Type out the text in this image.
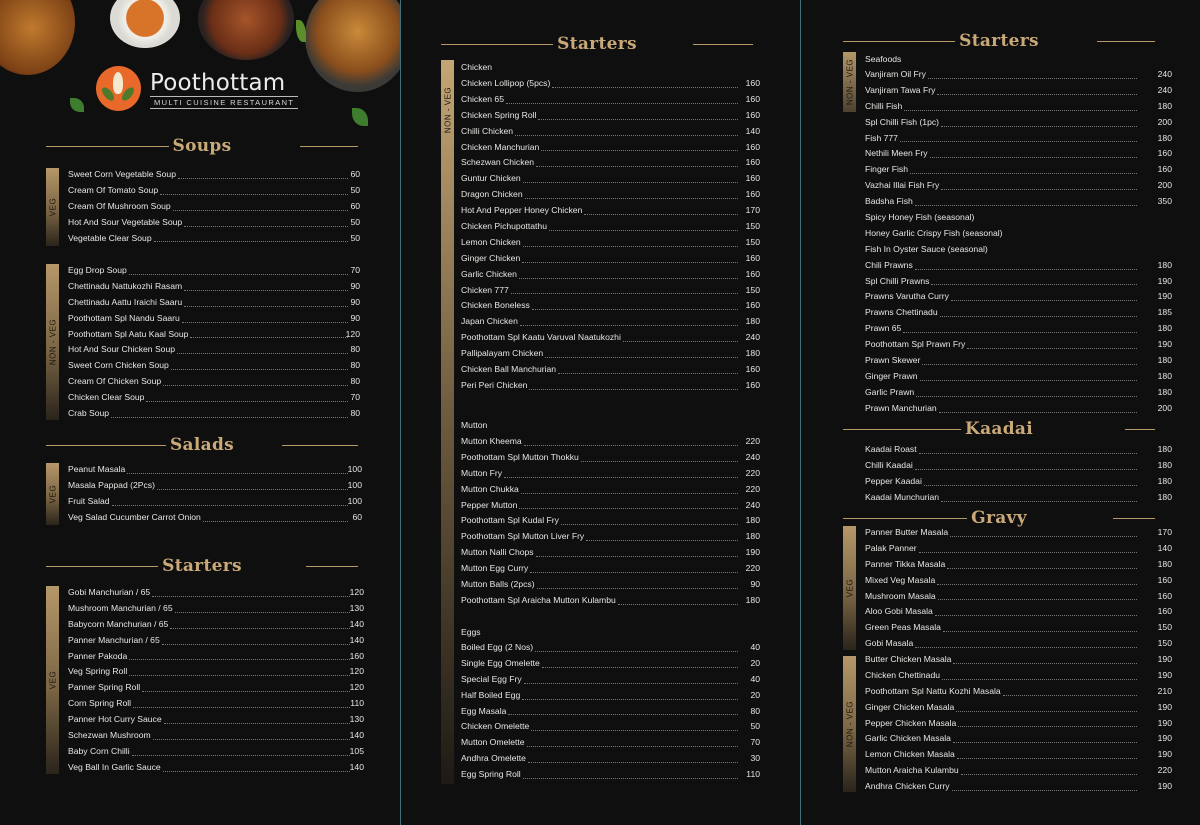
Poothottam
MULTI CUISINE RESTAURANT
Soups
VEG
Sweet Corn Vegetable Soup	60
Cream Of Tomato Soup	50
Cream Of Mushroom Soup	60
Hot And Sour Vegetable Soup	50
Vegetable Clear Soup	50
NON - VEG
Egg Drop Soup	70
Chettinadu Nattukozhi Rasam	90
Chettinadu Aattu Iraichi Saaru	90
Poothottam Spl Nandu Saaru	90
Poothottam Spl Aatu Kaal Soup	120
Hot And Sour Chicken Soup	80
Sweet Corn Chicken Soup	80
Cream Of Chicken Soup	80
Chicken Clear Soup	70
Crab Soup	80
Salads
VEG
Peanut Masala	100
Masala Pappad (2Pcs)	100
Fruit Salad	100
Veg Salad Cucumber Carrot Onion	60
Starters
VEG
Gobi Manchurian / 65	120
Mushroom Manchurian / 65	130
Babycorn Manchurian / 65	140
Panner Manchurian / 65	140
Panner Pakoda	160
Veg Spring Roll	120
Panner Spring Roll	120
Corn Spring Roll	110
Panner Hot Curry Sauce	130
Schezwan Mushroom	140
Baby Corn Chilli	105
Veg Ball In Garlic Sauce	140
Starters
NON - VEG
Chicken
Chicken Lollipop (5pcs)	160
Chicken 65	160
Chicken Spring Roll	160
Chilli Chicken	140
Chicken Manchurian	160
Schezwan Chicken	160
Guntur Chicken	160
Dragon Chicken	160
Hot And Pepper Honey Chicken	170
Chicken Pichupottathu	150
Lemon Chicken	150
Ginger Chicken	160
Garlic Chicken	160
Chicken 777	150
Chicken Boneless	160
Japan Chicken	180
Poothottam Spl Kaatu Varuval Naatukozhi	240
Pallipalayam Chicken	180
Chicken Ball Manchurian	160
Peri Peri Chicken	160
Mutton
Mutton Kheema	220
Poothottam Spl Mutton Thokku	240
Mutton Fry	220
Mutton Chukka	220
Pepper Mutton	240
Poothottam Spl Kudal Fry	180
Poothottam Spl Mutton Liver Fry	180
Mutton Nalli Chops	190
Mutton Egg Curry	220
Mutton Balls (2pcs)	90
Poothottam Spl Araicha Mutton Kulambu	180
Eggs
Boiled Egg (2 Nos)	40
Single Egg Omelette	20
Special Egg Fry	40
Half Boiled Egg	20
Egg Masala	80
Chicken Omelette	50
Mutton Omelette	70
Andhra Omelette	30
Egg Spring Roll	110
Starters
NON - VEG Seafoods
Vanjiram Oil Fry	240
Vanjiram Tawa Fry	240
Chilli Fish	180
Spl Chilli Fish (1pc)	200
Fish 777	180
Nethili Meen Fry	160
Finger Fish	160
Vazhai Illai Fish Fry	200
Badsha Fish	350
Spicy Honey Fish (seasonal)
Honey Garlic Crispy Fish (seasonal)
Fish In Oyster Sauce (seasonal)
Chili Prawns	180
Spl Chilli Prawns	190
Prawns Varutha Curry	190
Prawns Chettinadu	185
Prawn 65	180
Poothottam Spl Prawn Fry	190
Prawn Skewer	180
Ginger Prawn	180
Garlic Prawn	180
Prawn Manchurian	200
Kaadai
Kaadai Roast	180
Chilli Kaadai	180
Pepper Kaadai	180
Kaadai Munchurian	180
Gravy
VEG
Panner Butter Masala	170
Palak Panner	140
Panner Tikka Masala	180
Mixed Veg Masala	160
Mushroom Masala	160
Aloo Gobi Masala	160
Green Peas Masala	150
Gobi Masala	150
NON - VEG
Butter Chicken Masala	190
Chicken Chettinadu	190
Poothottam Spl Nattu Kozhi Masala	210
Ginger Chicken Masala	190
Pepper Chicken Masala	190
Garlic Chicken Masala	190
Lemon Chicken Masala	190
Mutton Araicha Kulambu	220
Andhra Chicken Curry	190
